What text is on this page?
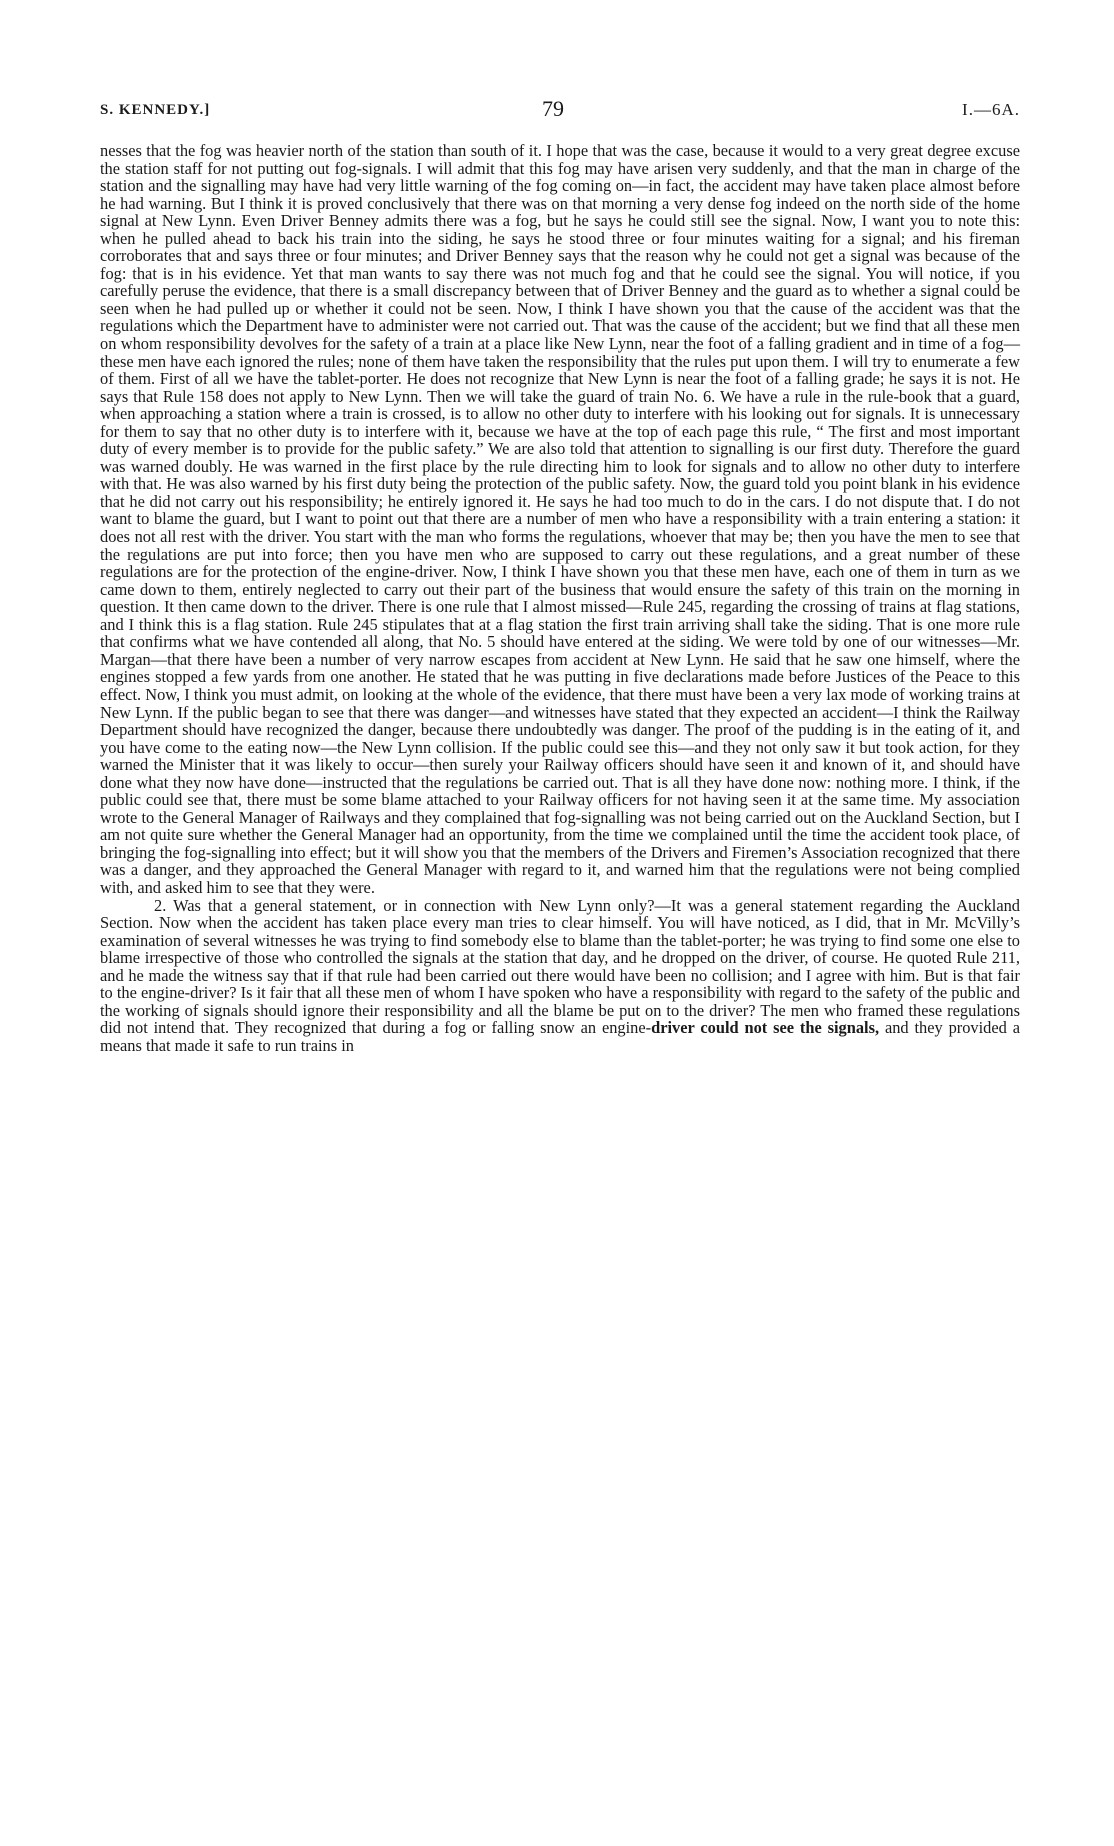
S. KENNEDY.]	79	I.—6A.

nesses that the fog was heavier north of the station than south of it. I hope that was the case, because it would to a very great degree excuse the station staff for not putting out fog-signals. I will admit that this fog may have arisen very suddenly, and that the man in charge of the station and the signalling may have had very little warning of the fog coming on—in fact, the accident may have taken place almost before he had warning. But I think it is proved conclusively that there was on that morning a very dense fog indeed on the north side of the home signal at New Lynn. Even Driver Benney admits there was a fog, but he says he could still see the signal. Now, I want you to note this: when he pulled ahead to back his train into the siding, he says he stood three or four minutes waiting for a signal; and his fireman corroborates that and says three or four minutes; and Driver Benney says that the reason why he could not get a signal was because of the fog: that is in his evidence. Yet that man wants to say there was not much fog and that he could see the signal. You will notice, if you carefully peruse the evidence, that there is a small discrepancy between that of Driver Benney and the guard as to whether a signal could be seen when he had pulled up or whether it could not be seen. Now, I think I have shown you that the cause of the accident was that the regulations which the Department have to administer were not carried out. That was the cause of the accident; but we find that all these men on whom responsibility devolves for the safety of a train at a place like New Lynn, near the foot of a falling gradient and in time of a fog—these men have each ignored the rules; none of them have taken the responsibility that the rules put upon them. I will try to enumerate a few of them. First of all we have the tablet-porter. He does not recognize that New Lynn is near the foot of a falling grade; he says it is not. He says that Rule 158 does not apply to New Lynn. Then we will take the guard of train No. 6. We have a rule in the rule-book that a guard, when approaching a station where a train is crossed, is to allow no other duty to interfere with his looking out for signals. It is unnecessary for them to say that no other duty is to interfere with it, because we have at the top of each page this rule, “ The first and most important duty of every member is to provide for the public safety.” We are also told that attention to signalling is our first duty. Therefore the guard was warned doubly. He was warned in the first place by the rule directing him to look for signals and to allow no other duty to interfere with that. He was also warned by his first duty being the protection of the public safety. Now, the guard told you point blank in his evidence that he did not carry out his responsibility; he entirely ignored it. He says he had too much to do in the cars. I do not dispute that. I do not want to blame the guard, but I want to point out that there are a number of men who have a responsibility with a train entering a station: it does not all rest with the driver. You start with the man who forms the regulations, whoever that may be; then you have the men to see that the regulations are put into force; then you have men who are supposed to carry out these regulations, and a great number of these regulations are for the protection of the engine-driver. Now, I think I have shown you that these men have, each one of them in turn as we came down to them, entirely neglected to carry out their part of the business that would ensure the safety of this train on the morning in question. It then came down to the driver. There is one rule that I almost missed—Rule 245, regarding the crossing of trains at flag stations, and I think this is a flag station. Rule 245 stipulates that at a flag station the first train arriving shall take the siding. That is one more rule that confirms what we have contended all along, that No. 5 should have entered at the siding. We were told by one of our witnesses—Mr. Margan—that there have been a number of very narrow escapes from accident at New Lynn. He said that he saw one himself, where the engines stopped a few yards from one another. He stated that he was putting in five declarations made before Justices of the Peace to this effect. Now, I think you must admit, on looking at the whole of the evidence, that there must have been a very lax mode of working trains at New Lynn. If the public began to see that there was danger—and witnesses have stated that they expected an accident—I think the Railway Department should have recognized the danger, because there undoubtedly was danger. The proof of the pudding is in the eating of it, and you have come to the eating now—the New Lynn collision. If the public could see this—and they not only saw it but took action, for they warned the Minister that it was likely to occur—then surely your Railway officers should have seen it and known of it, and should have done what they now have done—instructed that the regulations be carried out. That is all they have done now: nothing more. I think, if the public could see that, there must be some blame attached to your Railway officers for not having seen it at the same time. My association wrote to the General Manager of Railways and they complained that fog-signalling was not being carried out on the Auckland Section, but I am not quite sure whether the General Manager had an opportunity, from the time we complained until the time the accident took place, of bringing the fog-signalling into effect; but it will show you that the members of the Drivers and Firemen’s Association recognized that there was a danger, and they approached the General Manager with regard to it, and warned him that the regulations were not being complied with, and asked him to see that they were.

2. Was that a general statement, or in connection with New Lynn only?—It was a general statement regarding the Auckland Section. Now when the accident has taken place every man tries to clear himself. You will have noticed, as I did, that in Mr. McVilly’s examination of several witnesses he was trying to find somebody else to blame than the tablet-porter; he was trying to find some one else to blame irrespective of those who controlled the signals at the station that day, and he dropped on the driver, of course. He quoted Rule 211, and he made the witness say that if that rule had been carried out there would have been no collision; and I agree with him. But is that fair to the engine-driver? Is it fair that all these men of whom I have spoken who have a responsibility with regard to the safety of the public and the working of signals should ignore their responsibility and all the blame be put on to the driver? The men who framed these regulations did not intend that. They recognized that during a fog or falling snow an engine-driver could not see the signals, and they provided a means that made it safe to run trains in
